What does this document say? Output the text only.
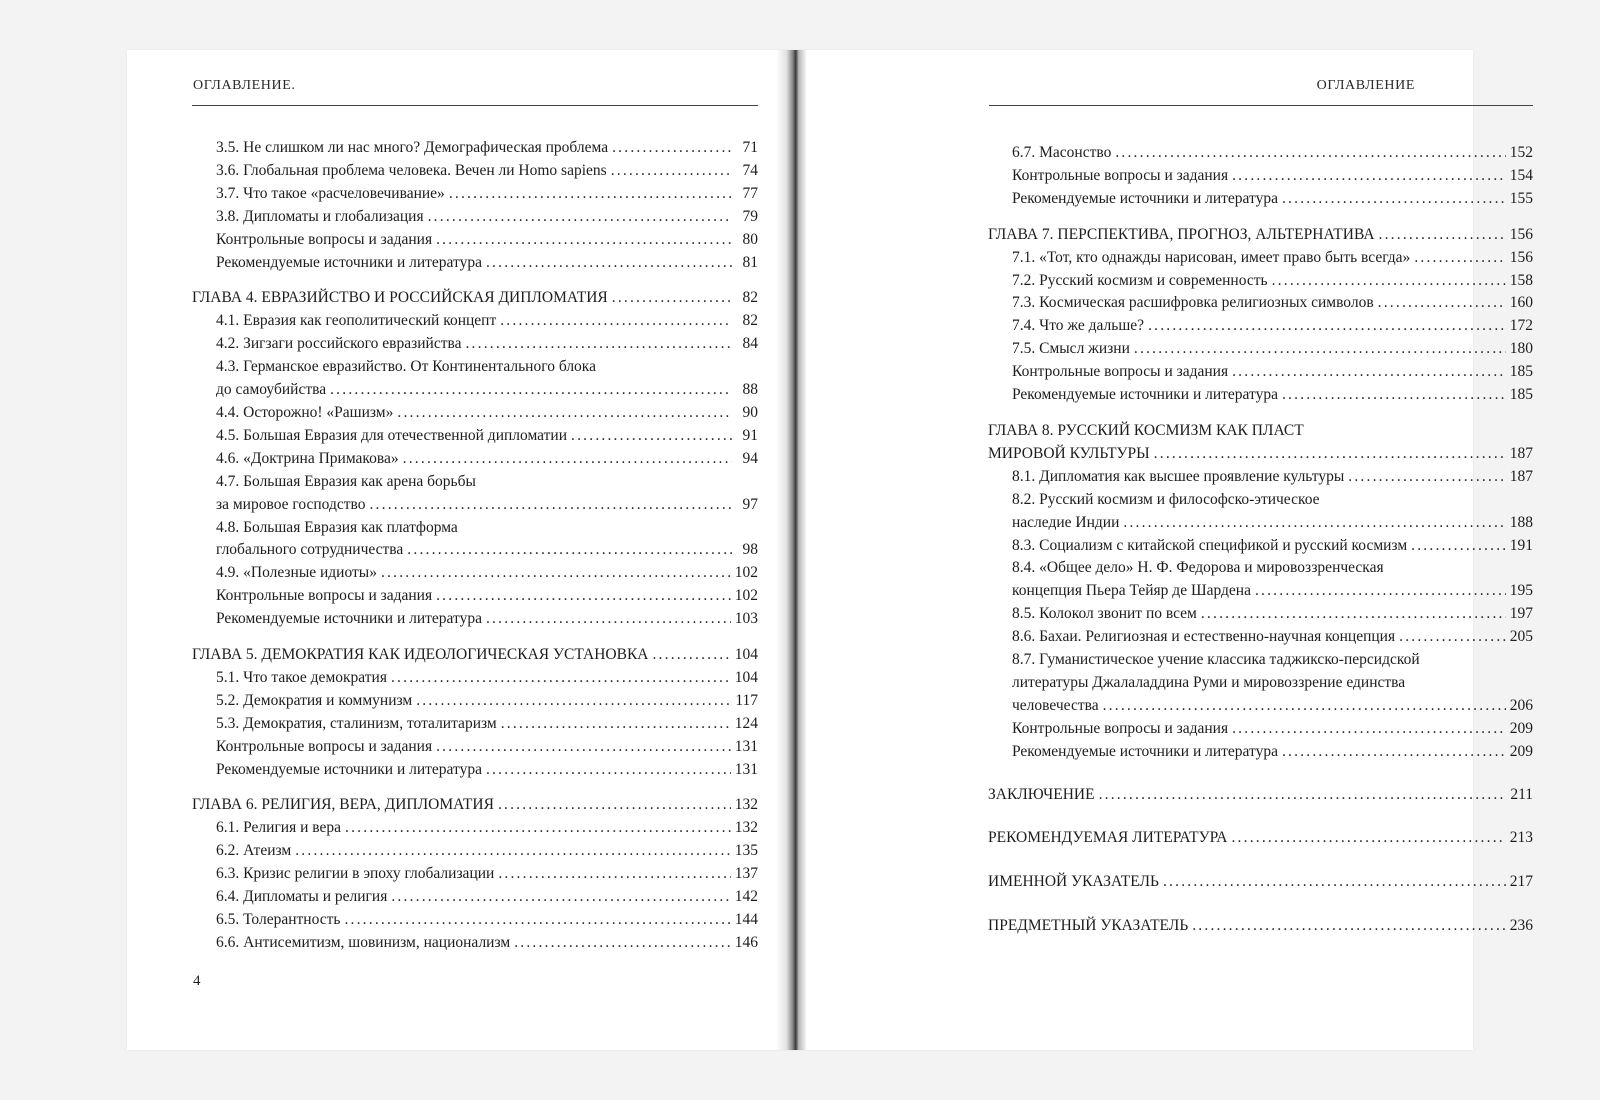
ОГЛАВЛЕНИЕ.
3.5. Не слишком ли нас много? Демографическая проблема .....	71
3.6. Глобальная проблема человека. Вечен ли Homo sapiens .....	74
3.7. Что такое «расчеловечивание» .....	77
3.8. Дипломаты и глобализация .....	79
Контрольные вопросы и задания .....	80
Рекомендуемые источники и литература .....	81
ГЛАВА 4. ЕВРАЗИЙСТВО И РОССИЙСКАЯ ДИПЛОМАТИЯ .....	82
4.1. Евразия как геополитический концепт .....	82
4.2. Зигзаги российского евразийства .....	84
4.3. Германское евразийство. От Континентального блока
до самоубийства .....	88
4.4. Осторожно! «Рашизм» .....	90
4.5. Большая Евразия для отечественной дипломатии .....	91
4.6. «Доктрина Примакова» .....	94
4.7. Большая Евразия как арена борьбы
за мировое господство .....	97
4.8. Большая Евразия как платформа
глобального сотрудничества .....	98
4.9. «Полезные идиоты» .....	102
Контрольные вопросы и задания .....	102
Рекомендуемые источники и литература .....	103
ГЛАВА 5. ДЕМОКРАТИЯ КАК ИДЕОЛОГИЧЕСКАЯ УСТАНОВКА .....	104
5.1. Что такое демократия .....	104
5.2. Демократия и коммунизм .....	117
5.3. Демократия, сталинизм, тоталитаризм .....	124
Контрольные вопросы и задания .....	131
Рекомендуемые источники и литература .....	131
ГЛАВА 6. РЕЛИГИЯ, ВЕРА, ДИПЛОМАТИЯ .....	132
6.1. Религия и вера .....	132
6.2. Атеизм .....	135
6.3. Кризис религии в эпоху глобализации .....	137
6.4. Дипломаты и религия .....	142
6.5. Толерантность .....	144
6.6. Антисемитизм, шовинизм, национализм .....	146
4
ОГЛАВЛЕНИЕ
6.7. Масонство .....	152
Контрольные вопросы и задания .....	154
Рекомендуемые источники и литература .....	155
ГЛАВА 7. ПЕРСПЕКТИВА, ПРОГНОЗ, АЛЬТЕРНАТИВА .....	156
7.1. «Тот, кто однажды нарисован, имеет право быть всегда» .....	156
7.2. Русский космизм и современность .....	158
7.3. Космическая расшифровка религиозных символов .....	160
7.4. Что же дальше? .....	172
7.5. Смысл жизни .....	180
Контрольные вопросы и задания .....	185
Рекомендуемые источники и литература .....	185
ГЛАВА 8. РУССКИЙ КОСМИЗМ КАК ПЛАСТ
МИРОВОЙ КУЛЬТУРЫ .....	187
8.1. Дипломатия как высшее проявление культуры .....	187
8.2. Русский космизм и философско-этическое
наследие Индии .....	188
8.3. Социализм с китайской спецификой и русский космизм .....	191
8.4. «Общее дело» Н. Ф. Федорова и мировоззренческая
концепция Пьера Тейяр де Шардена .....	195
8.5. Колокол звонит по всем .....	197
8.6. Бахаи. Религиозная и естественно-научная концепция .....	205
8.7. Гуманистическое учение классика таджикско-персидской
литературы Джалаладдина Руми и мировоззрение единства
человечества .....	206
Контрольные вопросы и задания .....	209
Рекомендуемые источники и литература .....	209
ЗАКЛЮЧЕНИЕ .....	211
РЕКОМЕНДУЕМАЯ ЛИТЕРАТУРА .....	213
ИМЕННОЙ УКАЗАТЕЛЬ .....	217
ПРЕДМЕТНЫЙ УКАЗАТЕЛЬ .....	236
